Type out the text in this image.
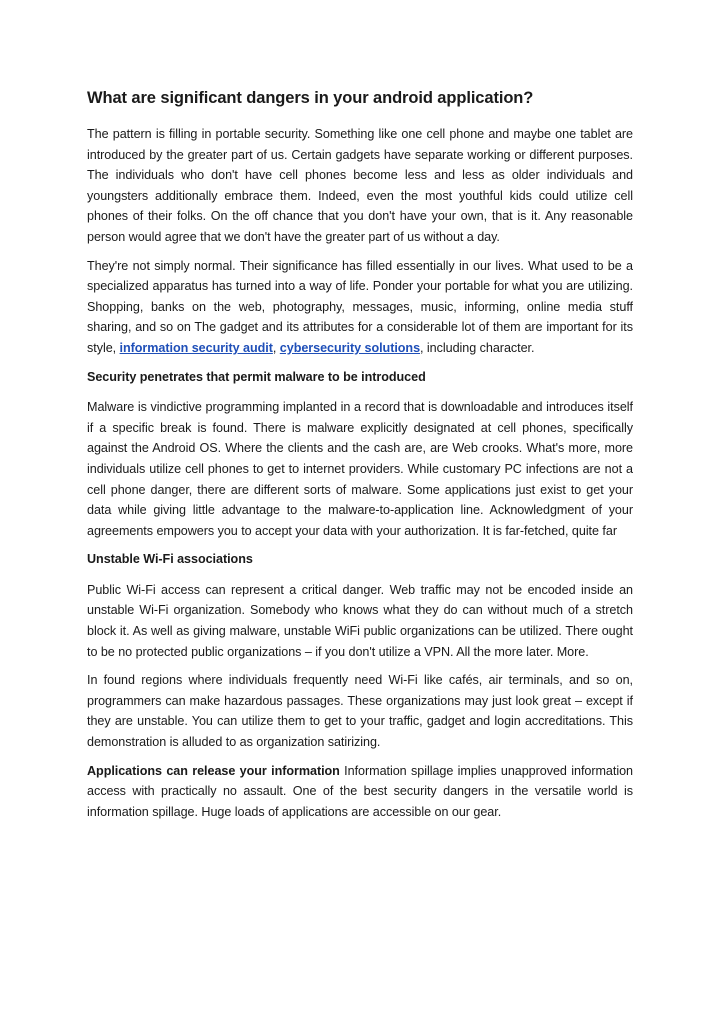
What are significant dangers in your android application?

The pattern is filling in portable security. Something like one cell phone and maybe one tablet are introduced by the greater part of us. Certain gadgets have separate working or different purposes. The individuals who don't have cell phones become less and less as older individuals and youngsters additionally embrace them. Indeed, even the most youthful kids could utilize cell phones of their folks. On the off chance that you don't have your own, that is it. Any reasonable person would agree that we don't have the greater part of us without a day.

They're not simply normal. Their significance has filled essentially in our lives. What used to be a specialized apparatus has turned into a way of life. Ponder your portable for what you are utilizing. Shopping, banks on the web, photography, messages, music, informing, online media stuff sharing, and so on The gadget and its attributes for a considerable lot of them are important for its style, information security audit, cybersecurity solutions, including character.

Security penetrates that permit malware to be introduced

Malware is vindictive programming implanted in a record that is downloadable and introduces itself if a specific break is found. There is malware explicitly designated at cell phones, specifically against the Android OS. Where the clients and the cash are, are Web crooks. What's more, more individuals utilize cell phones to get to internet providers. While customary PC infections are not a cell phone danger, there are different sorts of malware. Some applications just exist to get your data while giving little advantage to the malware-to-application line. Acknowledgment of your agreements empowers you to accept your data with your authorization. It is far-fetched, quite far

Unstable Wi-Fi associations

Public Wi-Fi access can represent a critical danger. Web traffic may not be encoded inside an unstable Wi-Fi organization. Somebody who knows what they do can without much of a stretch block it. As well as giving malware, unstable WiFi public organizations can be utilized. There ought to be no protected public organizations – if you don't utilize a VPN. All the more later. More.

In found regions where individuals frequently need Wi-Fi like cafés, air terminals, and so on, programmers can make hazardous passages. These organizations may just look great – except if they are unstable. You can utilize them to get to your traffic, gadget and login accreditations. This demonstration is alluded to as organization satirizing.

Applications can release your information Information spillage implies unapproved information access with practically no assault. One of the best security dangers in the versatile world is information spillage. Huge loads of applications are accessible on our gear.
